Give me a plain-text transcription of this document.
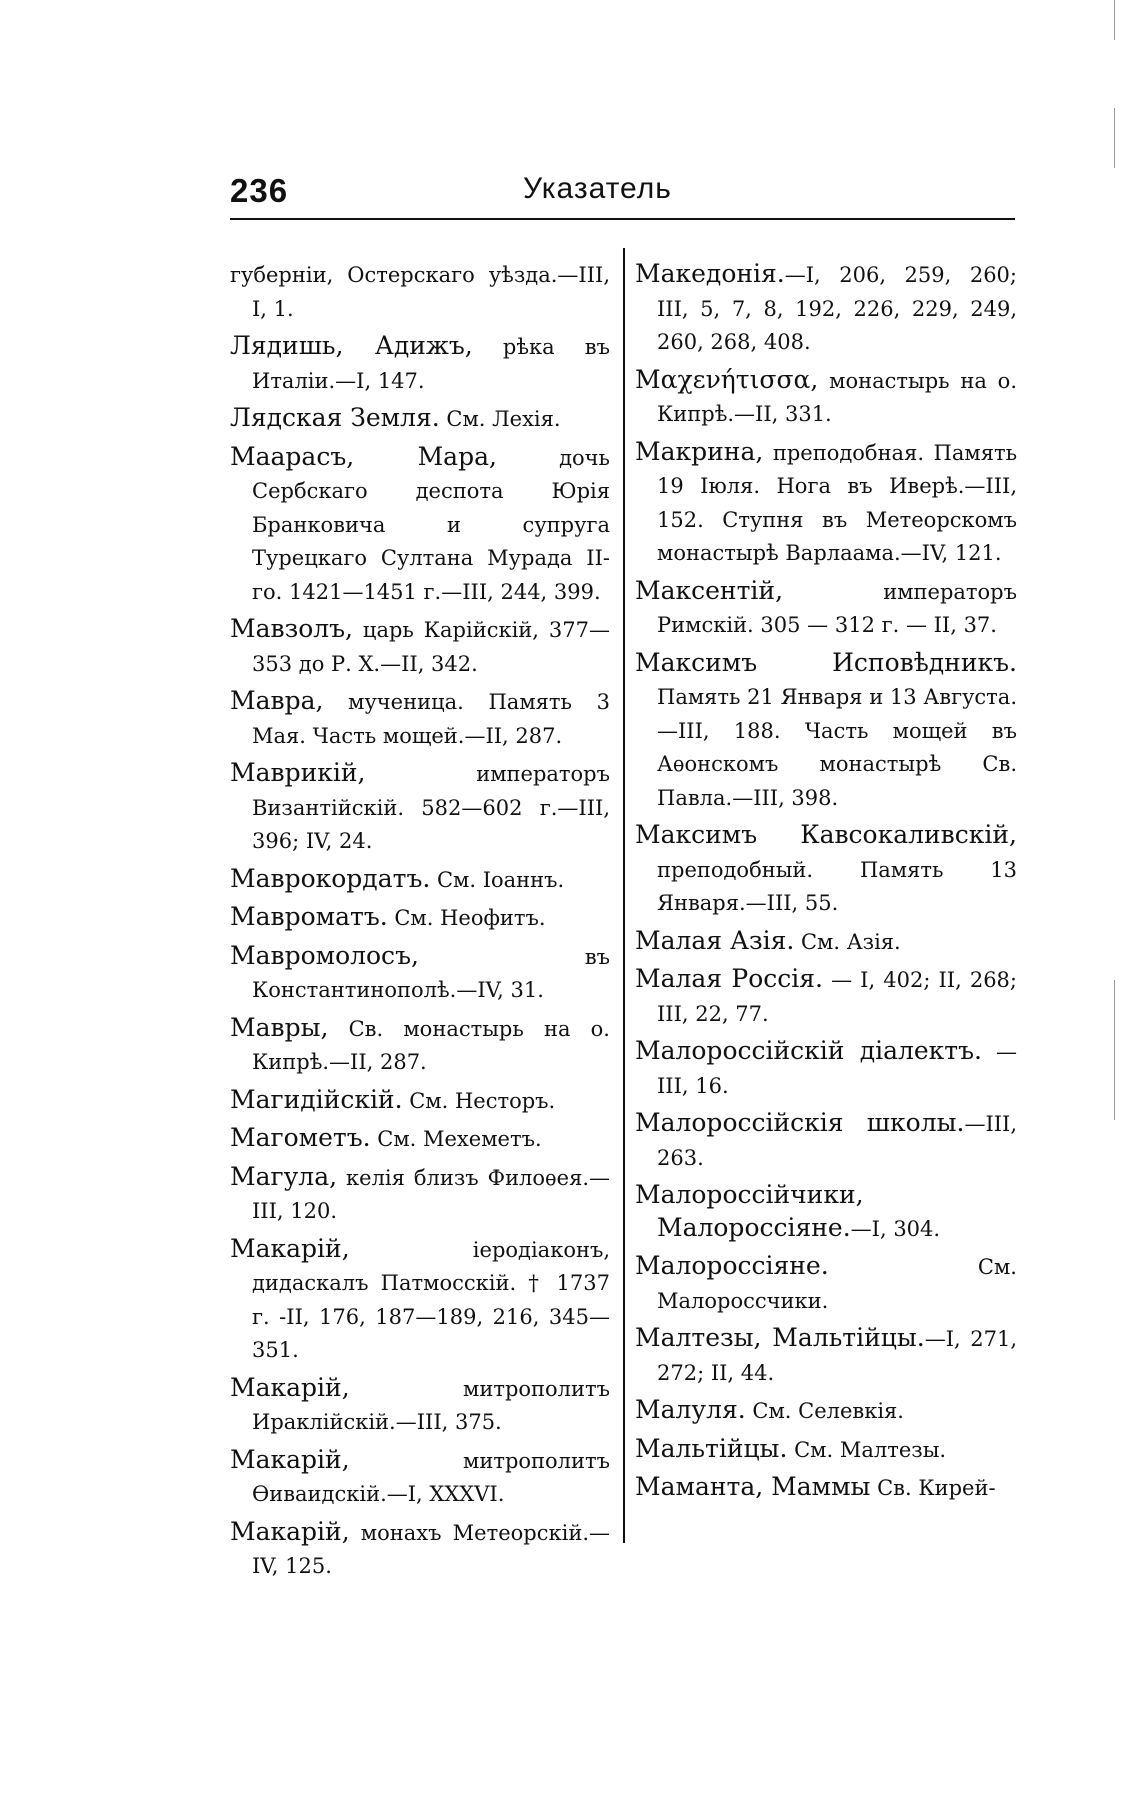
236	Указатель

губерніи, Остерскаго уѣзда.—III, I, 1.

Лядишь, Адижъ, рѣка въ Италіи.—I, 147.

Лядская Земля. См. Лехія.

Маарасъ, Мара, дочь Сербскаго деспота Юрія Бранковича и супруга Турецкаго Султана Мурада II-го. 1421—1451 г.—III, 244, 399.

Мавзолъ, царь Карійскій, 377—353 до Р. Х.—II, 342.

Мавра, мученица. Память 3 Мая. Часть мощей.—II, 287.

Маврикій, императоръ Византійскій. 582—602 г.—III, 396; IV, 24.

Маврокордатъ. См. Іоаннъ.

Мавроматъ. См. Неофитъ.

Мавромолосъ, въ Константинополѣ.—IV, 31.

Мавры, Св. монастырь на о. Кипрѣ.—II, 287.

Магидійскій. См. Несторъ.

Магометъ. См. Мехеметъ.

Магула, келія близъ Филоѳея.—III, 120.

Макарій, іеродіаконъ, дидаскалъ Патмосскій. † 1737 г. -II, 176, 187—189, 216, 345—351.

Макарій, митрополитъ Ираклійскій.—III, 375.

Макарій, митрополитъ Ѳиваидскій.—I, XXXVI.

Макарій, монахъ Метеорскій.—IV, 125.

Македонія.—I, 206, 259, 260; III, 5, 7, 8, 192, 226, 229, 249, 260, 268, 408.

Μαχενήτισσα, монастырь на о. Кипрѣ.—II, 331.

Макрина, преподобная. Память 19 Іюля. Нога въ Иверѣ.—III, 152. Ступня въ Метеорскомъ монастырѣ Варлаама.—IV, 121.

Максентій, императоръ Римскій. 305 — 312 г. — II, 37.

Максимъ Исповѣдникъ. Память 21 Января и 13 Августа.—III, 188. Часть мощей въ Аѳонскомъ монастырѣ Св. Павла.—III, 398.

Максимъ Кавсокаливскій, преподобный. Память 13 Января.—III, 55.

Малая Азія. См. Азія.

Малая Россія. — I, 402; II, 268; III, 22, 77.

Малороссійскій діалектъ. — III, 16.

Малороссійскія школы.—III, 263.

Малороссійчики, Малороссіяне.—I, 304.

Малороссіяне. См. Малороссчики.

Малтезы, Мальтійцы.—I, 271, 272; II, 44.

Малуля. См. Селевкія.

Мальтійцы. См. Малтезы.

Маманта, Маммы Св. Кирей-
